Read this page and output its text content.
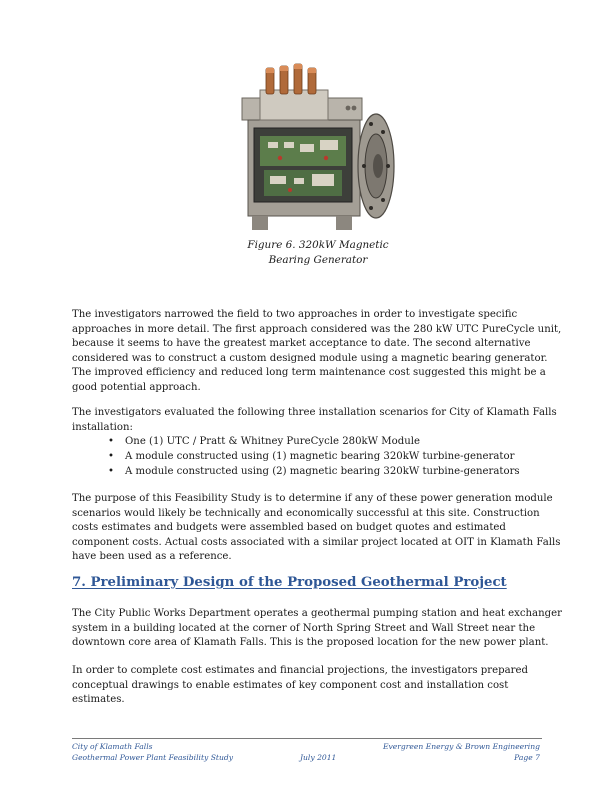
Figure 6. 320kW Magnetic
Bearing Generator

The investigators narrowed the field to two approaches in order to investigate specific approaches in more detail. The first approach considered was the 280 kW UTC PureCycle unit, because it seems to have the greatest market acceptance to date. The second alternative considered was to construct a custom designed module using a magnetic bearing generator. The improved efficiency and reduced long term maintenance cost suggested this might be a good potential approach.

The investigators evaluated the following three installation scenarios for City of Klamath Falls installation:

• One (1) UTC / Pratt & Whitney PureCycle 280kW Module
• A module constructed using (1) magnetic bearing 320kW turbine-generator
• A module constructed using (2) magnetic bearing 320kW turbine-generators

The purpose of this Feasibility Study is to determine if any of these power generation module scenarios would likely be technically and economically successful at this site. Construction costs estimates and budgets were assembled based on budget quotes and estimated component costs. Actual costs associated with a similar project located at OIT in Klamath Falls have been used as a reference.

7. Preliminary Design of the Proposed Geothermal Project

The City Public Works Department operates a geothermal pumping station and heat exchanger system in a building located at the corner of North Spring Street and Wall Street near the downtown core area of Klamath Falls. This is the proposed location for the new power plant.

In order to complete cost estimates and financial projections, the investigators prepared conceptual drawings to enable estimates of key component cost and installation cost estimates.

City of Klamath Falls
Geothermal Power Plant Feasibility Study	July 2011
Evergreen Energy & Brown Engineering
Page 7
